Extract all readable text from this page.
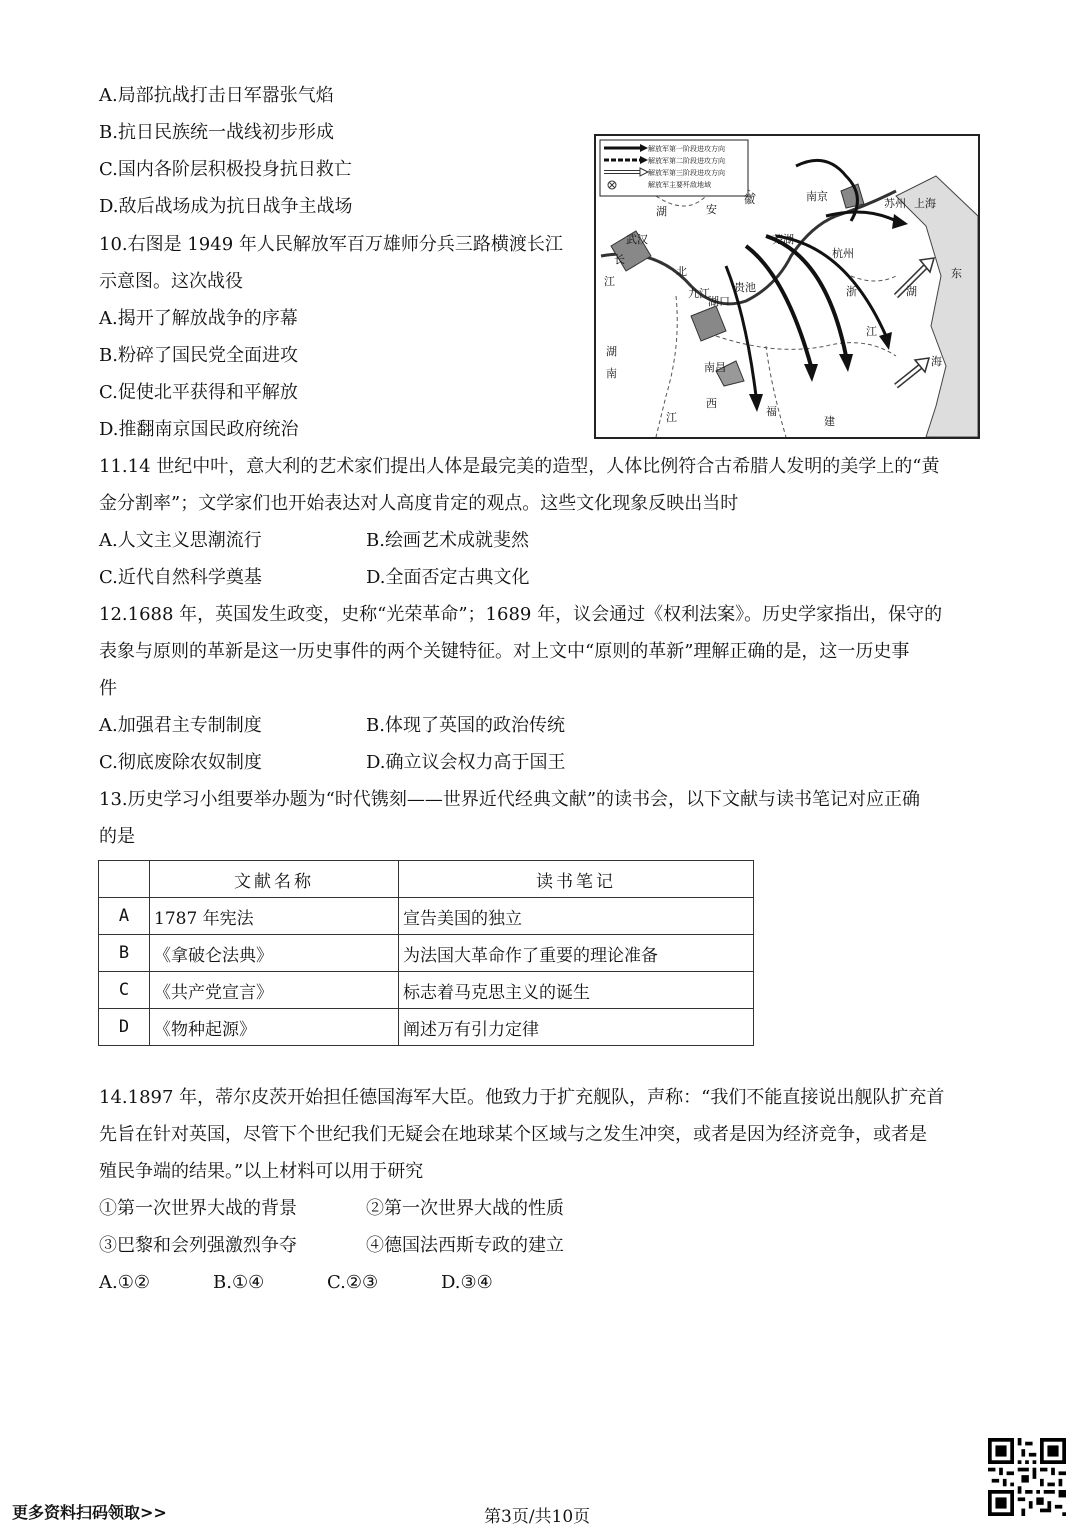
A.局部抗战打击日军嚣张气焰
B.抗日民族统一战线初步形成
C.国内各阶层积极投身抗日救亡
D.敌后战场成为抗日战争主战场
10.右图是 1949 年人民解放军百万雄师分兵三路横渡长江
示意图。这次战役
A.揭开了解放战争的序幕
B.粉碎了国民党全面进攻
C.促使北平获得和平解放
D.推翻南京国民政府统治
解放军第一阶段进攻方向
解放军第二阶段进攻方向
解放军第三阶段进攻方向
解放军主要歼敌地域
安
徽
湖
北
武汉
长
江
九江
湖口
南昌
湖
南
江
西
福
建
南京
芜湖
杭州
苏州 上海
东
湖
江
海
浙
贵池
11.14 世纪中叶，意大利的艺术家们提出人体是最完美的造型，人体比例符合古希腊人发明的美学上的“黄
金分割率”；文学家们也开始表达对人高度肯定的观点。这些文化现象反映出当时
A.人文主义思潮流行	B.绘画艺术成就斐然
C.近代自然科学奠基	D.全面否定古典文化
12.1688 年，英国发生政变，史称“光荣革命”；1689 年，议会通过《权利法案》。历史学家指出，保守的
表象与原则的革新是这一历史事件的两个关键特征。对上文中“原则的革新”理解正确的是，这一历史事
件
A.加强君主专制制度	B.体现了英国的政治传统
C.彻底废除农奴制度	D.确立议会权力高于国王
13.历史学习小组要举办题为“时代镌刻——世界近代经典文献”的读书会，以下文献与读书笔记对应正确
的是
	文献名称	读书笔记
A	1787 年宪法	宣告美国的独立
B	《拿破仑法典》	为法国大革命作了重要的理论准备
C	《共产党宣言》	标志着马克思主义的诞生
D	《物种起源》	阐述万有引力定律
14.1897 年，蒂尔皮茨开始担任德国海军大臣。他致力于扩充舰队，声称：“我们不能直接说出舰队扩充首
先旨在针对英国，尽管下个世纪我们无疑会在地球某个区域与之发生冲突，或者是因为经济竞争，或者是
殖民争端的结果。”以上材料可以用于研究
①第一次世界大战的背景	②第一次世界大战的性质
③巴黎和会列强激烈争夺	④德国法西斯专政的建立
A.①②	B.①④	C.②③	D.③④
更多资料扫码领取>>	第3页/共10页
